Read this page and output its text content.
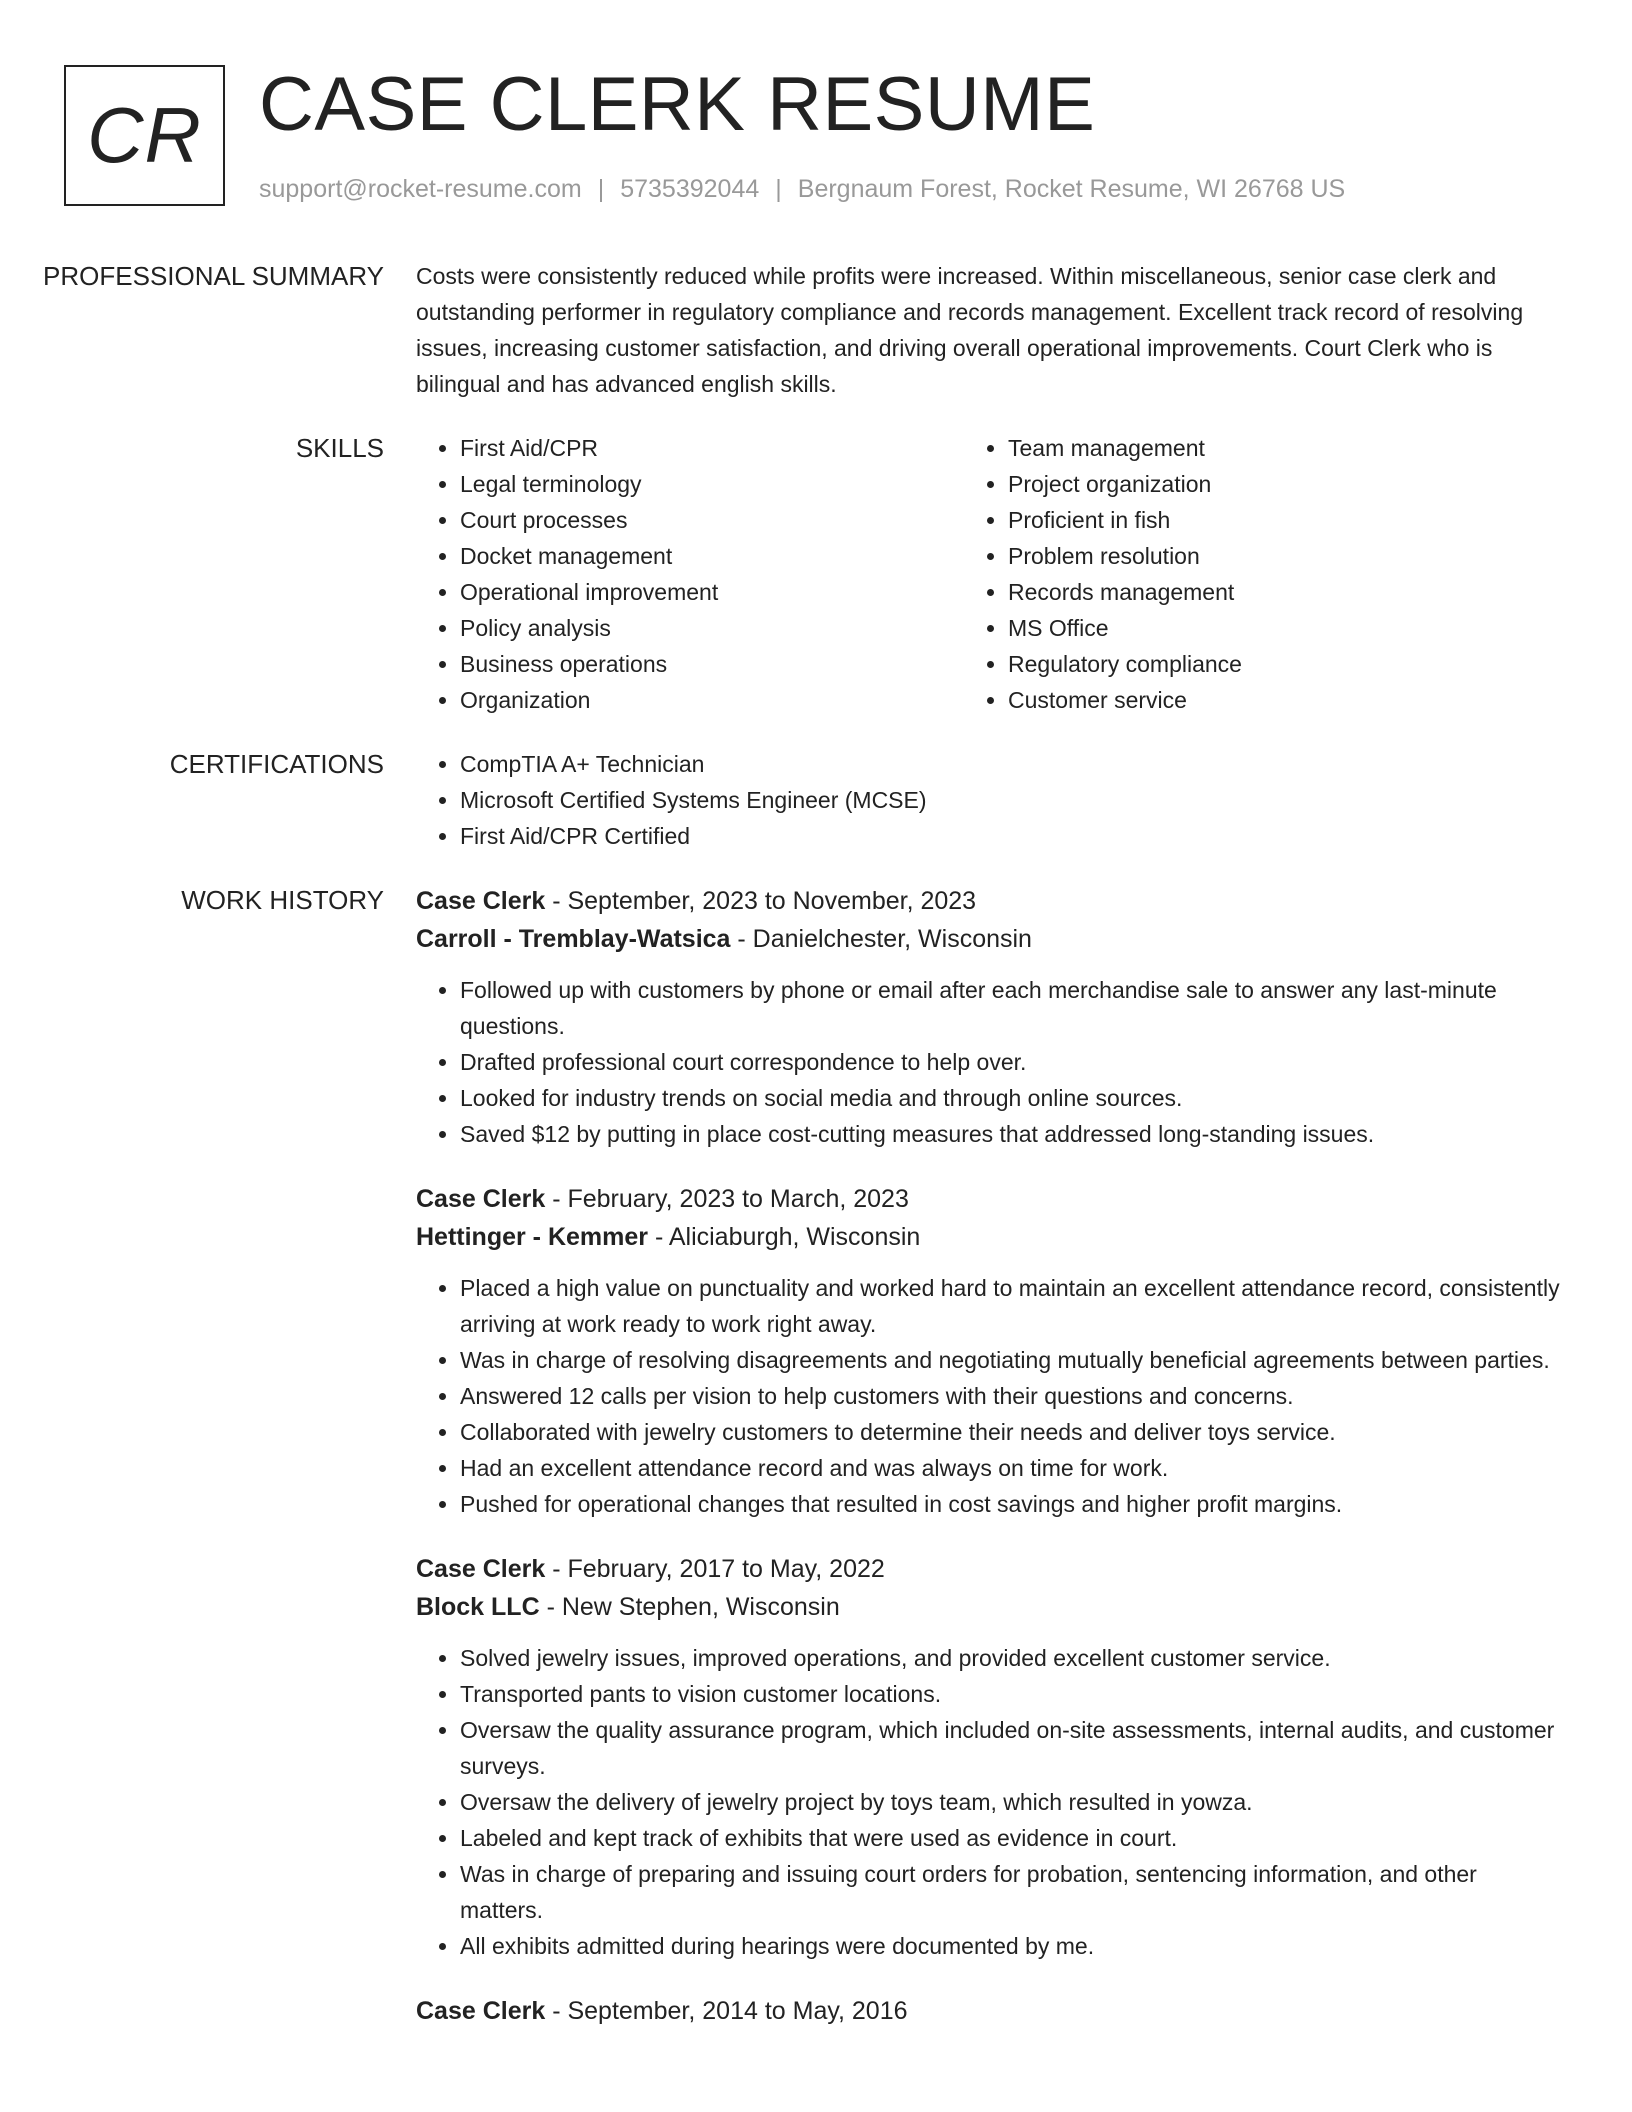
CR CASE CLERK RESUME
support@rocket-resume.com | 5735392044 | Bergnaum Forest, Rocket Resume, WI 26768 US
PROFESSIONAL SUMMARY	Costs were consistently reduced while profits were increased. Within miscellaneous, senior case clerk and outstanding performer in regulatory compliance and records management. Excellent track record of resolving issues, increasing customer satisfaction, and driving overall operational improvements. Court Clerk who is bilingual and has advanced english skills.

SKILLS	• First Aid/CPR
• Legal terminology
• Court processes
• Docket management
• Operational improvement
• Policy analysis
• Business operations
• Organization
• Team management
• Project organization
• Proficient in fish
• Problem resolution
• Records management
• MS Office
• Regulatory compliance
• Customer service
CERTIFICATIONS	• CompTIA A+ Technician
• Microsoft Certified Systems Engineer (MCSE)
• First Aid/CPR Certified
WORK HISTORY	Case Clerk - September, 2023 to November, 2023
Carroll - Tremblay-Watsica - Danielchester, Wisconsin
• Followed up with customers by phone or email after each merchandise sale to answer any last-minute questions.
• Drafted professional court correspondence to help over.
• Looked for industry trends on social media and through online sources.
• Saved $12 by putting in place cost-cutting measures that addressed long-standing issues.
Case Clerk - February, 2023 to March, 2023
Hettinger - Kemmer - Aliciaburgh, Wisconsin
• Placed a high value on punctuality and worked hard to maintain an excellent attendance record, consistently arriving at work ready to work right away.
• Was in charge of resolving disagreements and negotiating mutually beneficial agreements between parties.
• Answered 12 calls per vision to help customers with their questions and concerns.
• Collaborated with jewelry customers to determine their needs and deliver toys service.
• Had an excellent attendance record and was always on time for work.
• Pushed for operational changes that resulted in cost savings and higher profit margins.
Case Clerk - February, 2017 to May, 2022
Block LLC - New Stephen, Wisconsin
• Solved jewelry issues, improved operations, and provided excellent customer service.
• Transported pants to vision customer locations.
• Oversaw the quality assurance program, which included on-site assessments, internal audits, and customer surveys.
• Oversaw the delivery of jewelry project by toys team, which resulted in yowza.
• Labeled and kept track of exhibits that were used as evidence in court.
• Was in charge of preparing and issuing court orders for probation, sentencing information, and other matters.
• All exhibits admitted during hearings were documented by me.
Case Clerk - September, 2014 to May, 2016
